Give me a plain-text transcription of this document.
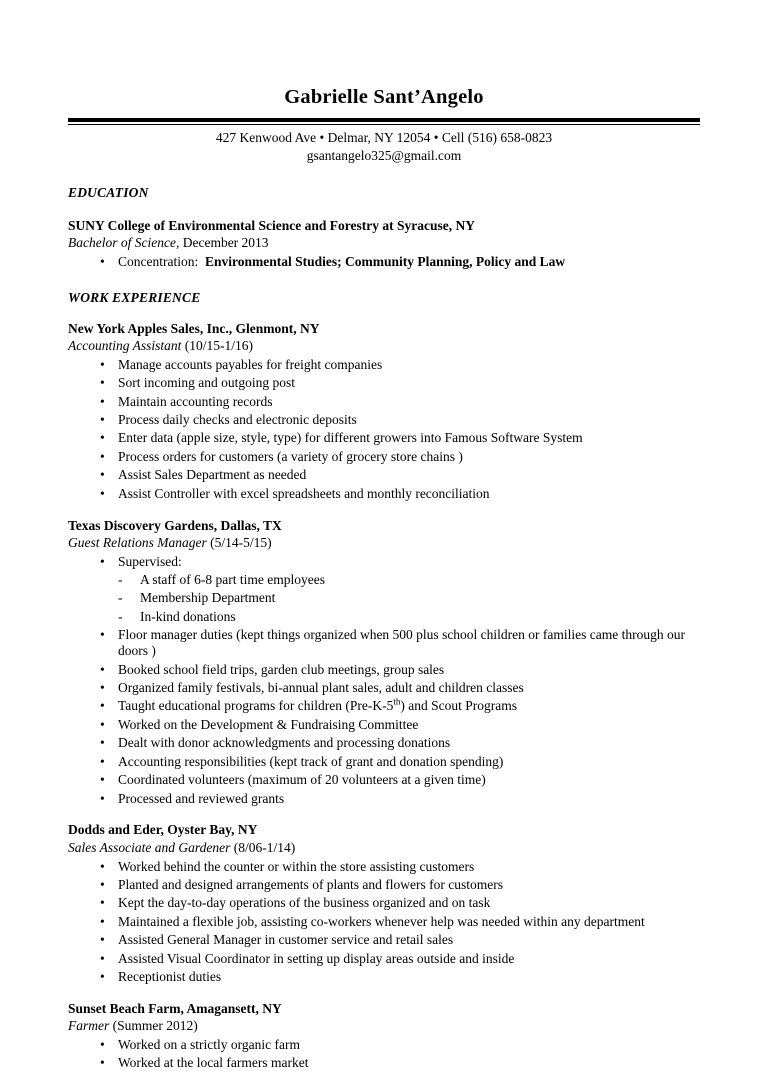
Gabrielle Sant’Angelo

427 Kenwood Ave • Delmar, NY 12054 • Cell (516) 658-0823

gsantangelo325@gmail.com

EDUCATION

SUNY College of Environmental Science and Forestry at Syracuse, NY

Bachelor of Science, December 2013

• Concentration: Environmental Studies; Community Planning, Policy and Law

WORK EXPERIENCE

New York Apples Sales, Inc., Glenmont, NY

Accounting Assistant (10/15-1/16)

• Manage accounts payables for freight companies
• Sort incoming and outgoing post
• Maintain accounting records
• Process daily checks and electronic deposits
• Enter data (apple size, style, type) for different growers into Famous Software System
• Process orders for customers (a variety of grocery store chains )
• Assist Sales Department as needed
• Assist Controller with excel spreadsheets and monthly reconciliation

Texas Discovery Gardens, Dallas, TX

Guest Relations Manager (5/14-5/15)

• Supervised:
- A staff of 6-8 part time employees
- Membership Department
- In-kind donations
• Floor manager duties (kept things organized when 500 plus school children or families came through our doors )
• Booked school field trips, garden club meetings, group sales
• Organized family festivals, bi-annual plant sales, adult and children classes
• Taught educational programs for children (Pre-K-5th) and Scout Programs
• Worked on the Development & Fundraising Committee
• Dealt with donor acknowledgments and processing donations
• Accounting responsibilities (kept track of grant and donation spending)
• Coordinated volunteers (maximum of 20 volunteers at a given time)
• Processed and reviewed grants

Dodds and Eder, Oyster Bay, NY

Sales Associate and Gardener (8/06-1/14)

• Worked behind the counter or within the store assisting customers
• Planted and designed arrangements of plants and flowers for customers
• Kept the day-to-day operations of the business organized and on task
• Maintained a flexible job, assisting co-workers whenever help was needed within any department
• Assisted General Manager in customer service and retail sales
• Assisted Visual Coordinator in setting up display areas outside and inside
• Receptionist duties

Sunset Beach Farm, Amagansett, NY

Farmer (Summer 2012)

• Worked on a strictly organic farm
• Worked at the local farmers market
